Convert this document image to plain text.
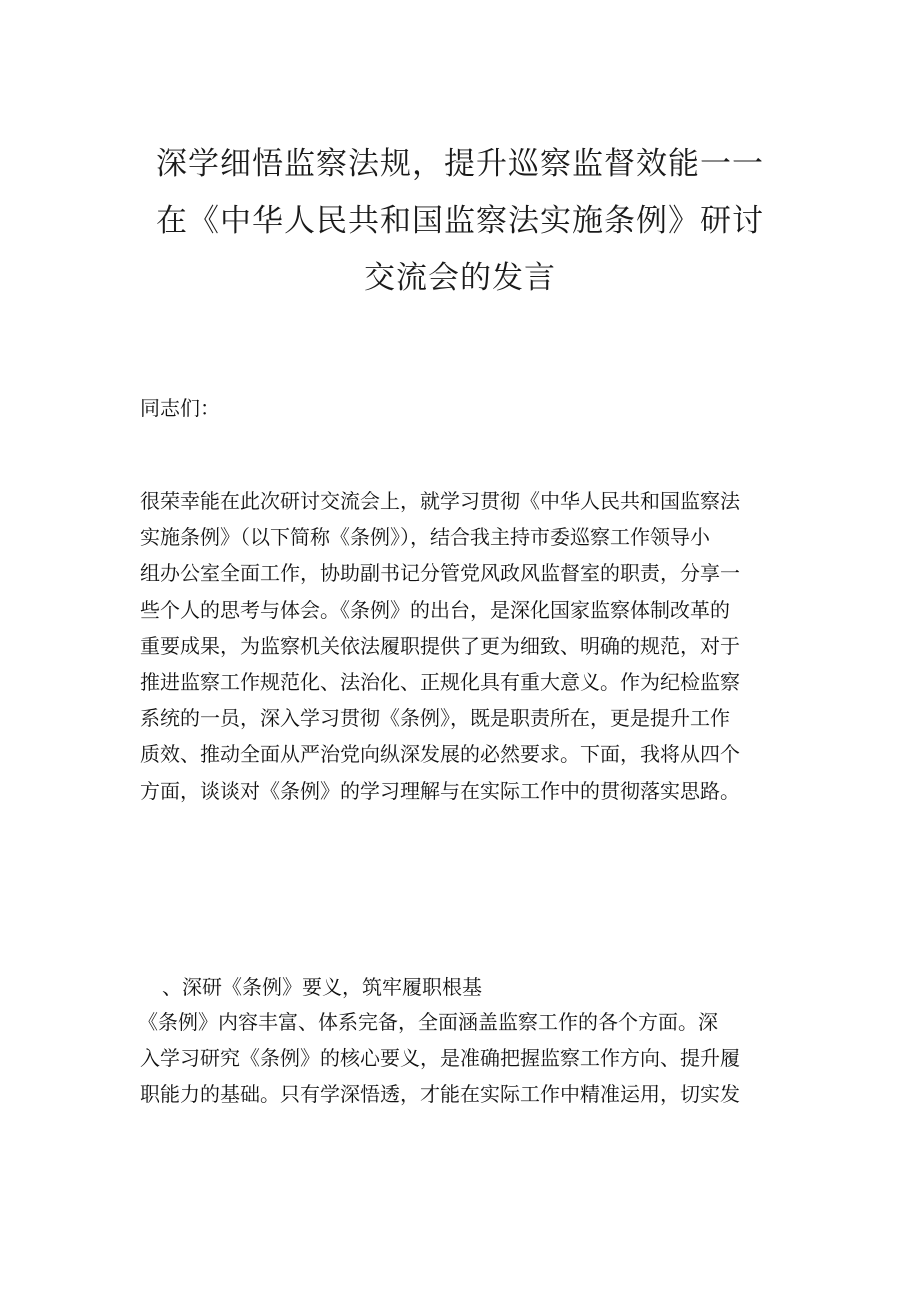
深学细悟监察法规，提升巡察监督效能一一
在《中华人民共和国监察法实施条例》研讨
交流会的发言
同志们：
很荣幸能在此次研讨交流会上，就学习贯彻《中华人民共和国监察法
实施条例》（以下简称《条例》），结合我主持市委巡察工作领导小
组办公室全面工作，协助副书记分管党风政风监督室的职责，分享一
些个人的思考与体会。《条例》的出台，是深化国家监察体制改革的
重要成果，为监察机关依法履职提供了更为细致、明确的规范，对于
推进监察工作规范化、法治化、正规化具有重大意义。作为纪检监察
系统的一员，深入学习贯彻《条例》，既是职责所在，更是提升工作
质效、推动全面从严治党向纵深发展的必然要求。下面，我将从四个
方面，谈谈对《条例》的学习理解与在实际工作中的贯彻落实思路。
、深研《条例》要义，筑牢履职根基
《条例》内容丰富、体系完备，全面涵盖监察工作的各个方面。深
入学习研究《条例》的核心要义，是准确把握监察工作方向、提升履
职能力的基础。只有学深悟透，才能在实际工作中精准运用，切实发
